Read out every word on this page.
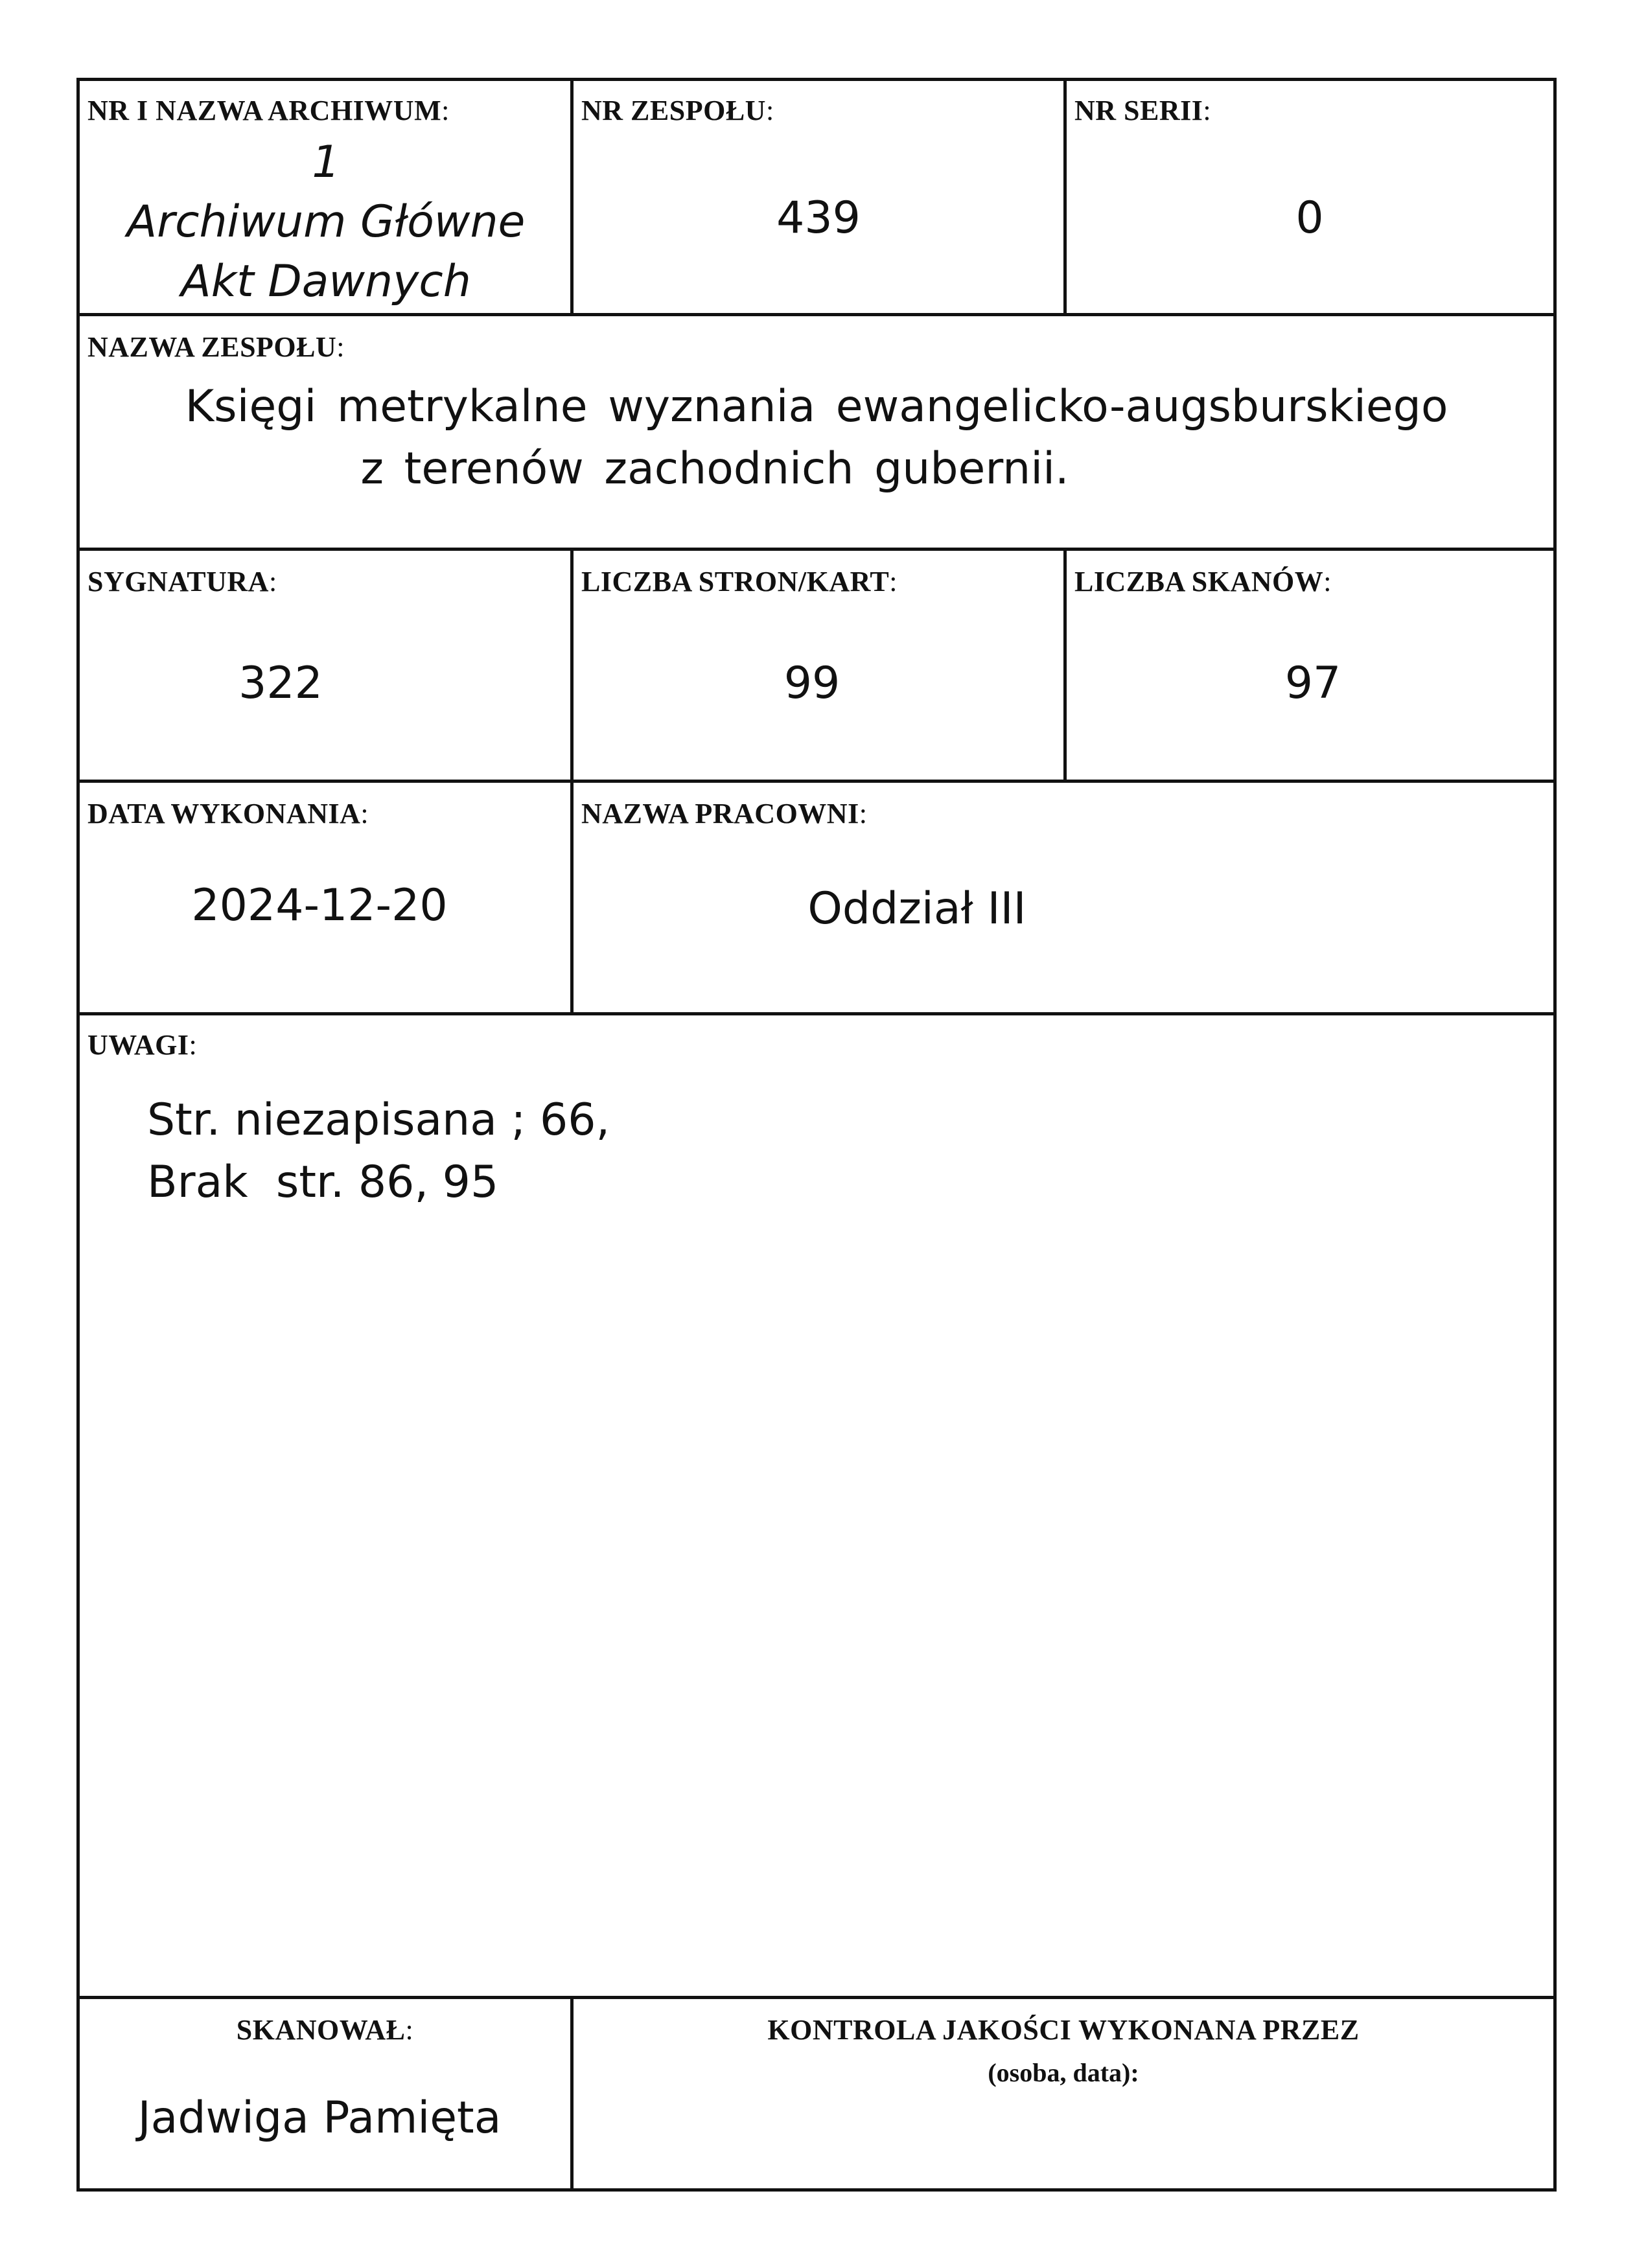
NR I NAZWA ARCHIWUM:
1
Archiwum Główne
Akt Dawnych
NR ZESPOŁU:
439
NR SERII:
0
NAZWA ZESPOŁU:
Księgi metrykalne wyznania ewangelicko-augsburskiego
z terenów zachodnich gubernii.
SYGNATURA:
322
LICZBA STRON/KART:
99
LICZBA SKANÓW:
97
DATA WYKONANIA:
2024-12-20
NAZWA PRACOWNI:
Oddział III
UWAGI:
Str. niezapisana ; 66,
Brak  str. 86, 95
SKANOWAŁ:
Jadwiga Pamięta
KONTROLA JAKOŚCI WYKONANA PRZEZ
(osoba, data):
